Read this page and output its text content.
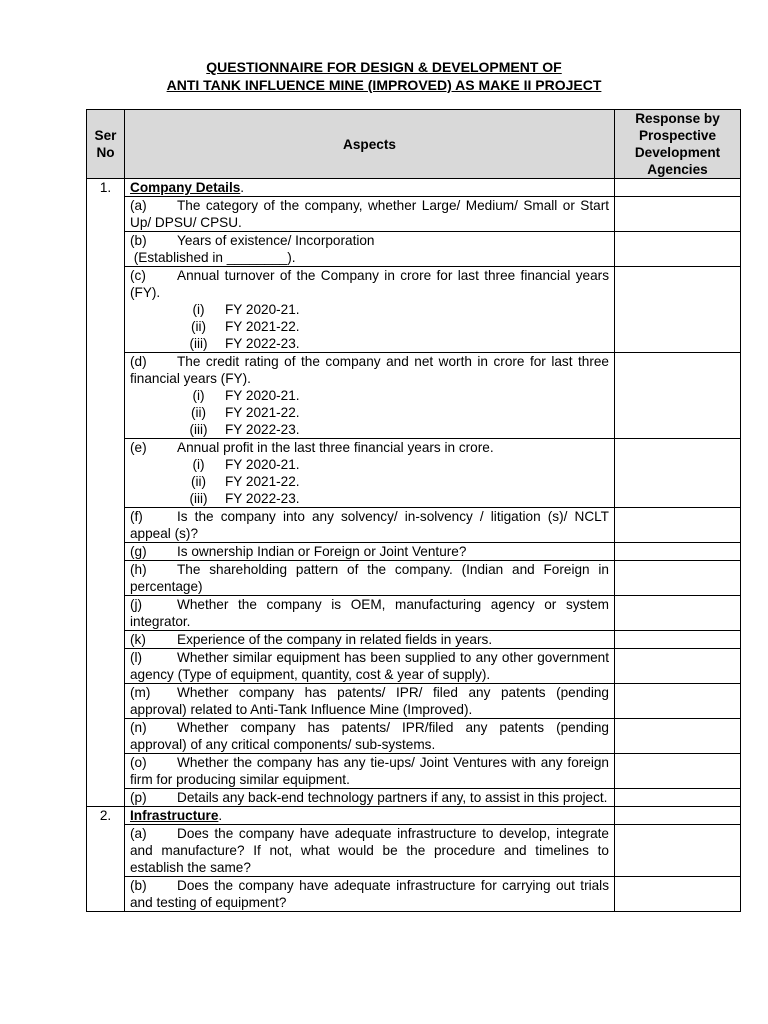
QUESTIONNAIRE FOR DESIGN & DEVELOPMENT OF
ANTI TANK INFLUENCE MINE (IMPROVED) AS MAKE II PROJECT
Ser
No	Aspects	Response by
Prospective
Development
Agencies
1.	Company Details.	
	(a) The category of the company, whether Large/ Medium/ Small or Start Up/ DPSU/ CPSU.	
	(b) Years of existence/ Incorporation
(Established in ________).	
	(c) Annual turnover of the Company in crore for last three financial years (FY).
(i) FY 2020-21.
(ii) FY 2021-22.
(iii) FY 2022-23.	

	(d) The credit rating of the company and net worth in crore for last three financial years (FY).
(i) FY 2020-21.
(ii) FY 2021-22.
(iii) FY 2022-23.	

	(e) Annual profit in the last three financial years in crore.
(i) FY 2020-21.
(ii) FY 2021-22.
(iii) FY 2022-23.	

	(f) Is the company into any solvency/ in-solvency / litigation (s)/ NCLT appeal (s)?	
	(g) Is ownership Indian or Foreign or Joint Venture?	
	(h) The shareholding pattern of the company. (Indian and Foreign in percentage)	
	(j) Whether the company is OEM, manufacturing agency or system integrator.	
	(k) Experience of the company in related fields in years.	
	(l) Whether similar equipment has been supplied to any other government agency (Type of equipment, quantity, cost & year of supply).	
	(m) Whether company has patents/ IPR/ filed any patents (pending approval) related to Anti-Tank Influence Mine (Improved).	
	(n) Whether company has patents/ IPR/filed any patents (pending approval) of any critical components/ sub-systems.	
	(o) Whether the company has any tie-ups/ Joint Ventures with any foreign firm for producing similar equipment.	
	(p) Details any back-end technology partners if any, to assist in this project.	
2.	Infrastructure.	
	(a) Does the company have adequate infrastructure to develop, integrate and manufacture? If not, what would be the procedure and timelines to establish the same?	
	(b) Does the company have adequate infrastructure for carrying out trials and testing of equipment?	
